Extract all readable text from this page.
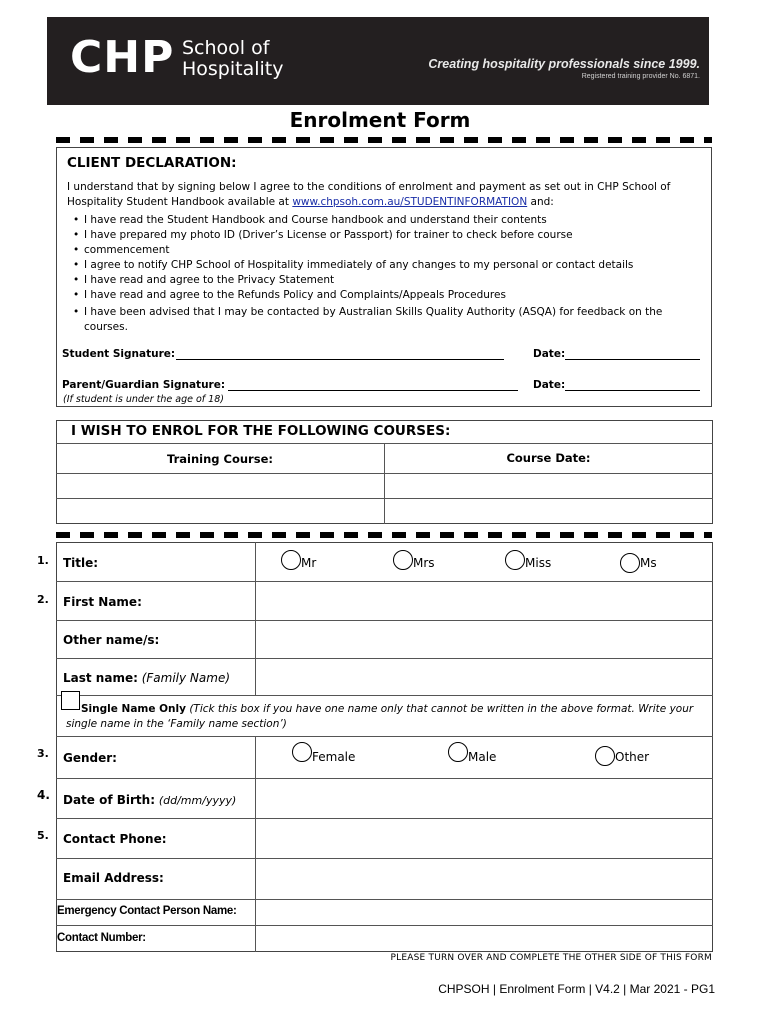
CHP School of
Hospitality	Creating hospitality professionals since 1999.
Registered training provider No. 6871.
Enrolment Form
CLIENT DECLARATION:
I understand that by signing below I agree to the conditions of enrolment and payment as set out in CHP School of Hospitality Student Handbook available at www.chpsoh.com.au/STUDENTINFORMATION and:
• I have read the Student Handbook and Course handbook and understand their contents
• I have prepared my photo ID (Driver’s License or Passport) for trainer to check before course
• commencement
• I agree to notify CHP School of Hospitality immediately of any changes to my personal or contact details
• I have read and agree to the Privacy Statement
• I have read and agree to the Refunds Policy and Complaints/Appeals Procedures
• I have been advised that I may be contacted by Australian Skills Quality Authority (ASQA) for feedback on the courses.
Student Signature:	Date:
Parent/Guardian Signature:	Date:
(If student is under the age of 18)
I WISH TO ENROL FOR THE FOLLOWING COURSES:
Training Course:	Course Date:
1.
2.
3.
4.
5.
Title:	Mr	Mrs	Miss	Ms
First Name:
Other name/s:
Last name: (Family Name)
Single Name Only (Tick this box if you have one name only that cannot be written in the above format. Write your single name in the ‘Family name section’)
Gender:	Female	Male	Other
Date of Birth: (dd/mm/yyyy)
Contact Phone:
Email Address:
Emergency Contact Person Name:
Contact Number:
PLEASE TURN OVER AND COMPLETE THE OTHER SIDE OF THIS FORM
CHPSOH | Enrolment Form | V4.2 | Mar 2021 - PG1
